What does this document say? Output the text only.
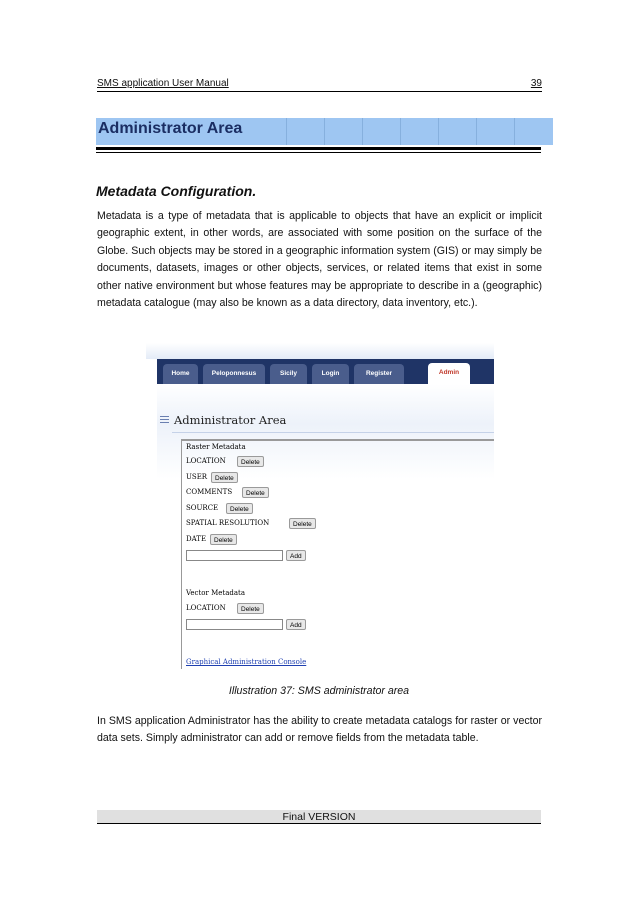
SMS application User Manual	39
Administrator Area
Metadata Configuration.
Metadata is a type of metadata that is applicable to objects that have an explicit or implicit geographic extent, in other words, are associated with some position on the surface of the Globe. Such objects may be stored in a geographic information system (GIS) or may simply be documents, datasets, images or other objects, services, or related items that exist in some other native environment but whose features may be appropriate to describe in a (geographic) metadata catalogue (may also be known as a data directory, data inventory, etc.).
Home	Peloponnesus	Sicily	Login	Register	Admin
Administrator Area
Raster Metadata
LOCATION	Delete
USER	Delete
COMMENTS	Delete
SOURCE	Delete
SPATIAL RESOLUTION	Delete
DATE	Delete
Add
Vector Metadata
LOCATION	Delete
Add
Graphical Administration Console
Illustration 37: SMS administrator area
In SMS application Administrator has the ability to create metadata catalogs for raster or vector data sets. Simply administrator can add or remove fields from the metadata table.
Final VERSION
